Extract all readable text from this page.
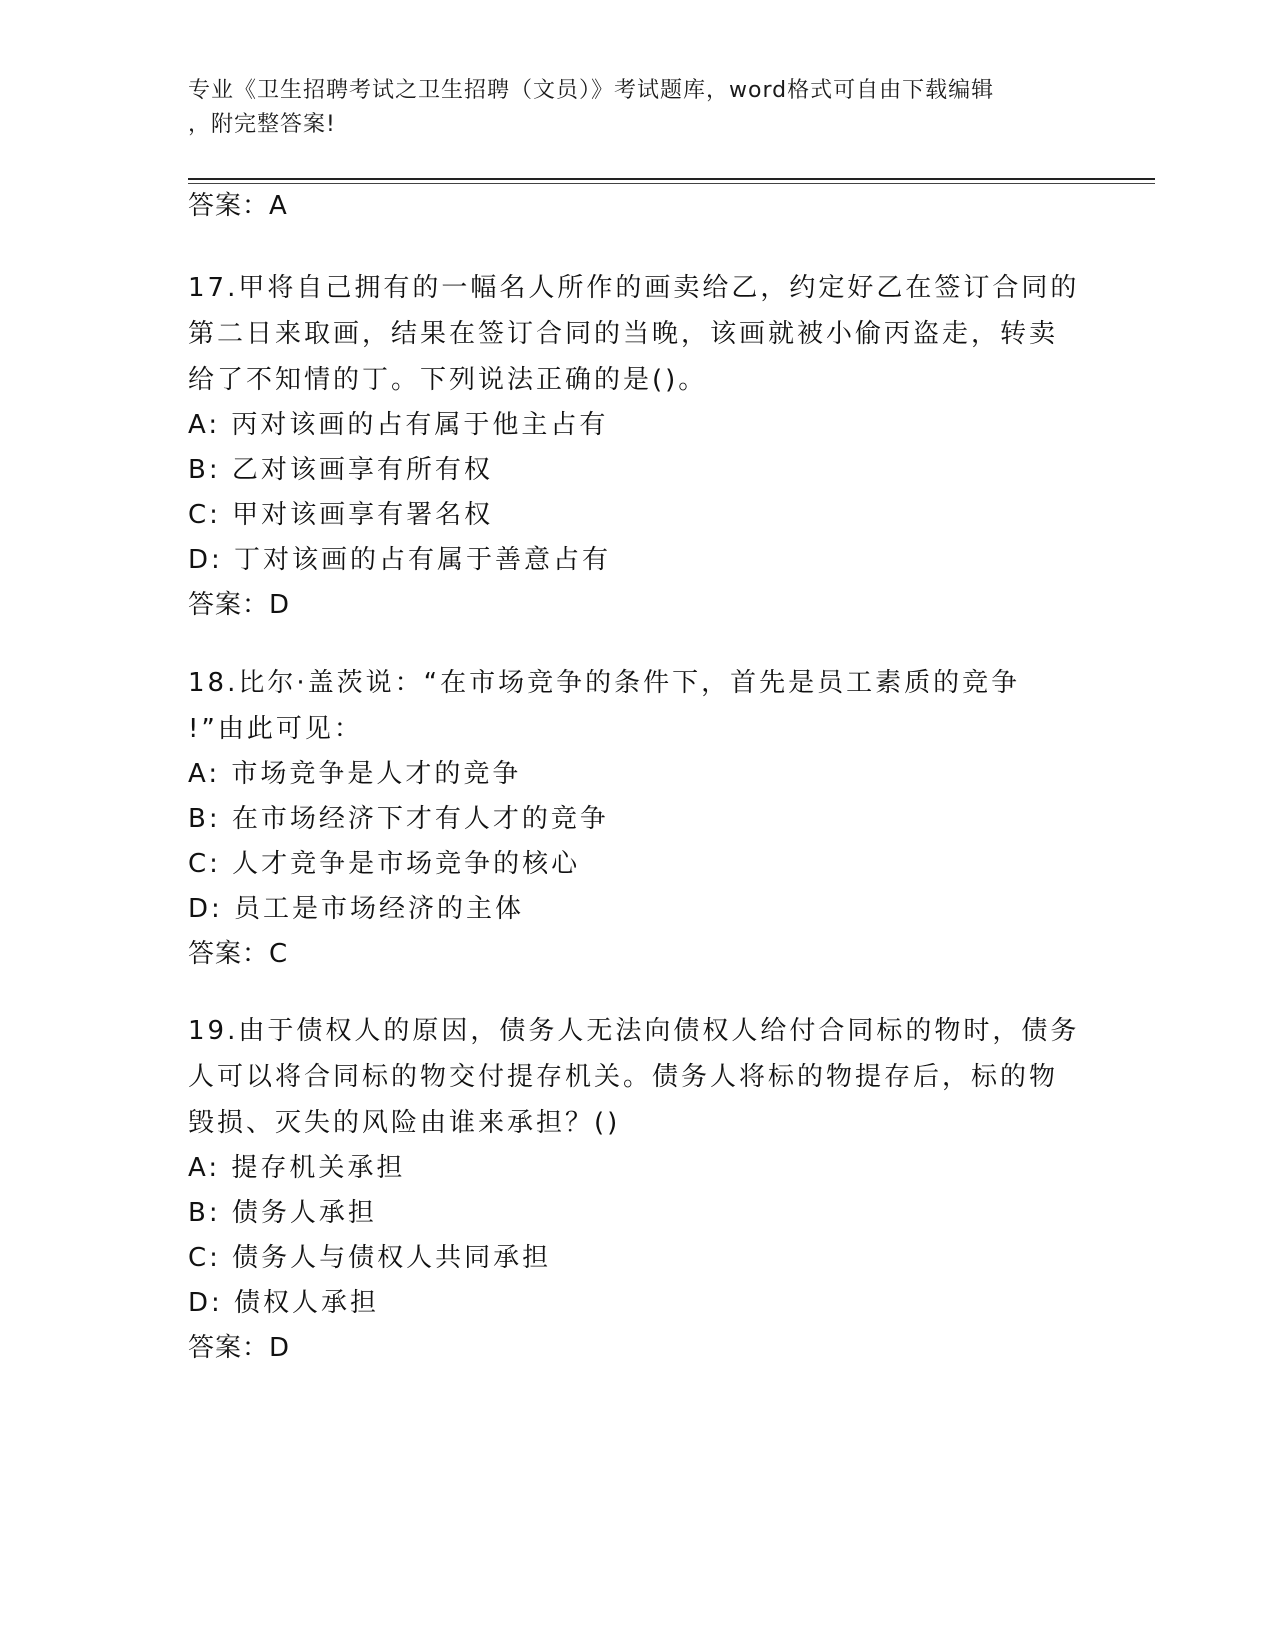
专业《卫生招聘考试之卫生招聘（文员）》考试题库，word格式可自由下载编辑
，附完整答案!
答案：A
17.甲将自己拥有的一幅名人所作的画卖给乙，约定好乙在签订合同的
第二日来取画，结果在签订合同的当晚，该画就被小偷丙盗走，转卖
给了不知情的丁。下列说法正确的是()。
A: 丙对该画的占有属于他主占有
B: 乙对该画享有所有权
C: 甲对该画享有署名权
D: 丁对该画的占有属于善意占有
答案：D
18.比尔·盖茨说：“在市场竞争的条件下，首先是员工素质的竞争
!”由此可见：
A: 市场竞争是人才的竞争
B: 在市场经济下才有人才的竞争
C: 人才竞争是市场竞争的核心
D: 员工是市场经济的主体
答案：C
19.由于债权人的原因，债务人无法向债权人给付合同标的物时，债务
人可以将合同标的物交付提存机关。债务人将标的物提存后，标的物
毁损、灭失的风险由谁来承担？()
A: 提存机关承担
B: 债务人承担
C: 债务人与债权人共同承担
D: 债权人承担
答案：D
